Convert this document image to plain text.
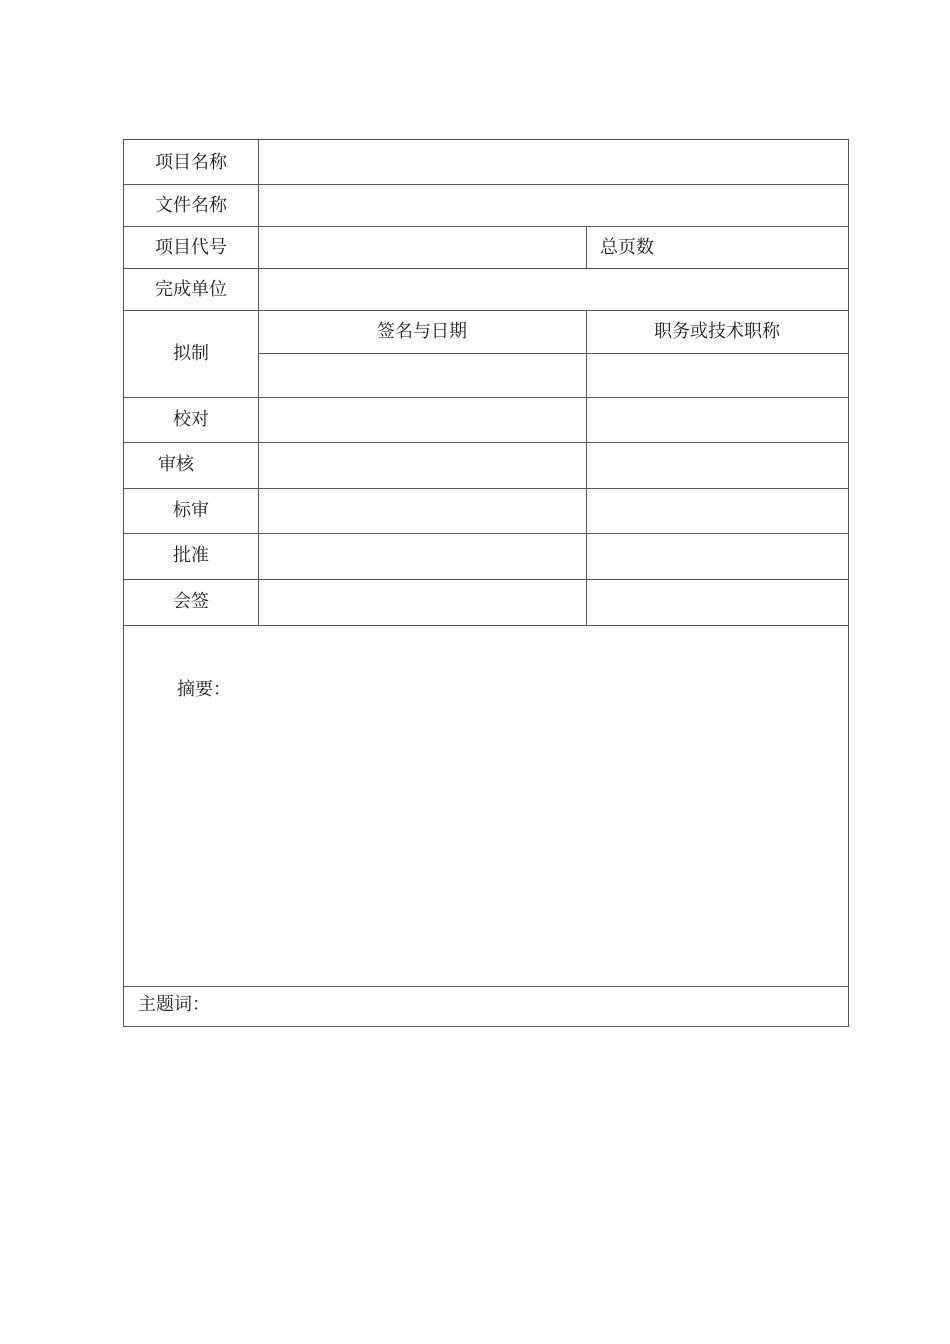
项目名称
文件名称
项目代号	总页数
完成单位
拟制
签名与日期	职务或技术职称
校对
审核
标审
批准
会签
摘要：
主题词：
